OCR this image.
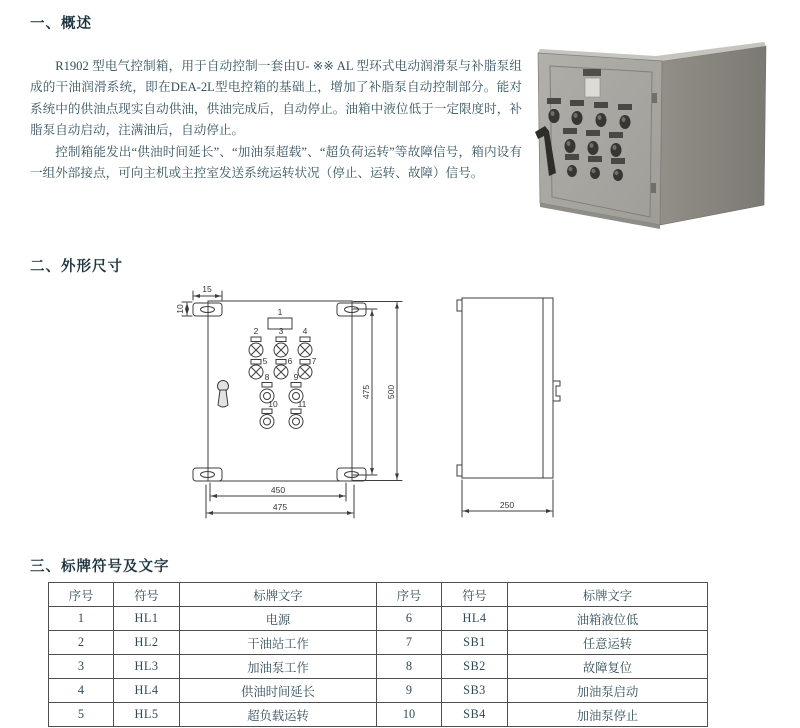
一、概述

R1902 型电气控制箱，用于自动控制一套由U- ※※ AL 型环式电动润滑泵与补脂泵组成的干油润滑系统，即在DEA-2L型电控箱的基础上，增加了补脂泵自动控制部分。能对系统中的供油点现实自动供油，供油完成后，自动停止。油箱中液位低于一定限度时，补脂泵自动启动，注满油后，自动停止。

控制箱能发出“供油时间延长”、“加油泵超载”、“超负荷运转”等故障信号，箱内设有一组外部接点，可向主机或主控室发送系统运转状况（停止、运转、故障）信号。

二、外形尺寸
15
10
475 500
450
475	250
1
2 3 4
5 6 7
8	9
10 11
三、标牌符号及文字
序号	符号	标牌文字	序号	符号	标牌文字
1	HL1	电源	6	HL4	油箱液位低
2	HL2	干油站工作	7	SB1	任意运转
3	HL3	加油泵工作	8	SB2	故障复位
4	HL4	供油时间延长	9	SB3	加油泵启动
5	HL5	超负载运转	10	SB4	加油泵停止
